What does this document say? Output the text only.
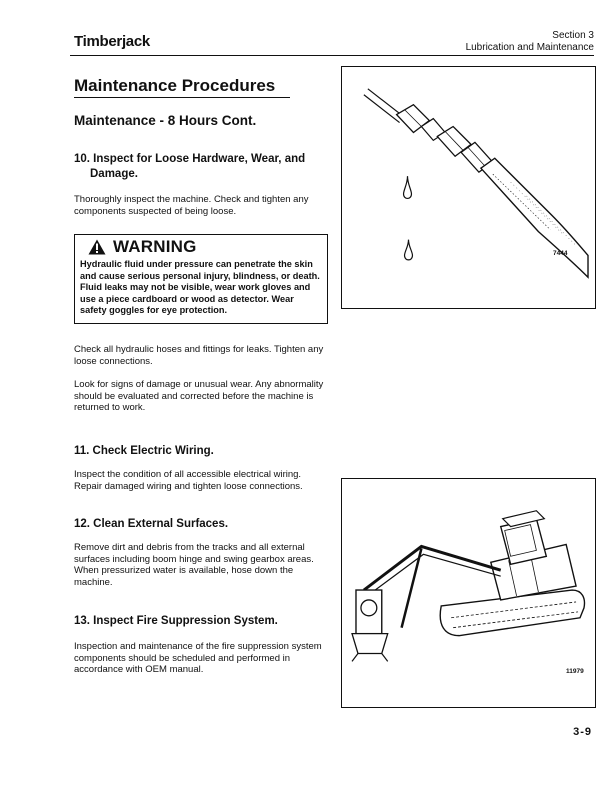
Timberjack	Section 3
Lubrication and Maintenance
Maintenance Procedures
Maintenance - 8 Hours Cont.
10. Inspect for Loose Hardware, Wear, and Damage.
Thoroughly inspect the machine. Check and tighten any components suspected of being loose.
WARNING
Hydraulic fluid under pressure can penetrate the skin and cause serious personal injury, blindness, or death. Fluid leaks may not be visible, wear work gloves and use a piece cardboard or wood as detector. Wear safety goggles for eye protection.
Check all hydraulic hoses and fittings for leaks. Tighten any loose connections.
Look for signs of damage or unusual wear. Any abnormality should be evaluated and corrected before the machine is returned to work.
11. Check Electric Wiring.
Inspect the condition of all accessible electrical wiring. Repair damaged wiring and tighten loose connections.
12. Clean External Surfaces.
Remove dirt and debris from the tracks and all external surfaces including boom hinge and swing gearbox areas. When pressurized water is available, hose down the machine.
13. Inspect Fire Suppression System.
Inspection and maintenance of the fire suppression system components should be scheduled and performed in accordance with OEM manual.
7444
11979
3-9
